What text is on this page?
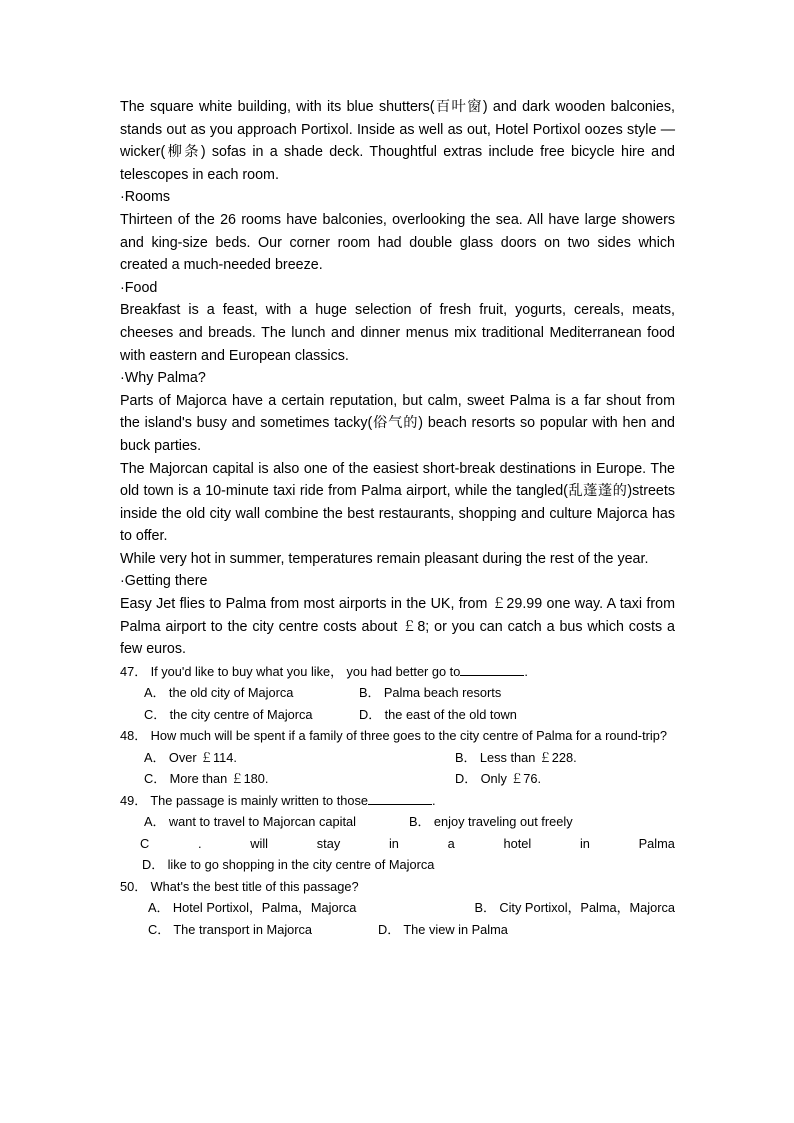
The square white building, with its blue shutters(百叶窗) and dark wooden balconies, stands out as you approach Portixol. Inside as well as out, Hotel Portixol oozes style — wicker(柳条) sofas in a shade deck. Thoughtful extras include free bicycle hire and telescopes in each room.

·Rooms

Thirteen of the 26 rooms have balconies, overlooking the sea. All have large showers and king-size beds. Our corner room had double glass doors on two sides which created a much-needed breeze.

·Food

Breakfast is a feast, with a huge selection of fresh fruit, yogurts, cereals, meats, cheeses and breads. The lunch and dinner menus mix traditional Mediterranean food with eastern and European classics.

·Why Palma?

Parts of Majorca have a certain reputation, but calm, sweet Palma is a far shout from the island's busy and sometimes tacky(俗气的) beach resorts so popular with hen and buck parties.

The Majorcan capital is also one of the easiest short-break destinations in Europe. The old town is a 10-minute taxi ride from Palma airport, while the tangled(乱蓬蓬的)streets inside the old city wall combine the best restaurants, shopping and culture Majorca has to offer.

While very hot in summer, temperatures remain pleasant during the rest of the year.

·Getting there

Easy Jet flies to Palma from most airports in the UK, from ￡29.99 one way. A taxi from Palma airport to the city centre costs about ￡8; or you can catch a bus which costs a few euros.

47． If you'd like to buy what you like， you had better go to	.

A． the old city of Majorca	B． Palma beach resorts
C． the city centre of Majorca	D． the east of the old town

48． How much will be spent if a family of three goes to the city centre of Palma for a round-trip?

A． Over ￡114.	B． Less than ￡228.
C． More than ￡180.	D． Only ￡76.

49． The passage is mainly written to those	.

A． want to travel to Majorcan capital	B． enjoy traveling out freely
C	.	will	stay	in	a	hotel	in	Palma
D． like to go shopping in the city centre of Majorca

50． What's the best title of this passage?

A． Hotel Portixol，Palma，Majorca	B． City Portixol，Palma，Majorca
C． The transport in Majorca	D． The view in Palma
